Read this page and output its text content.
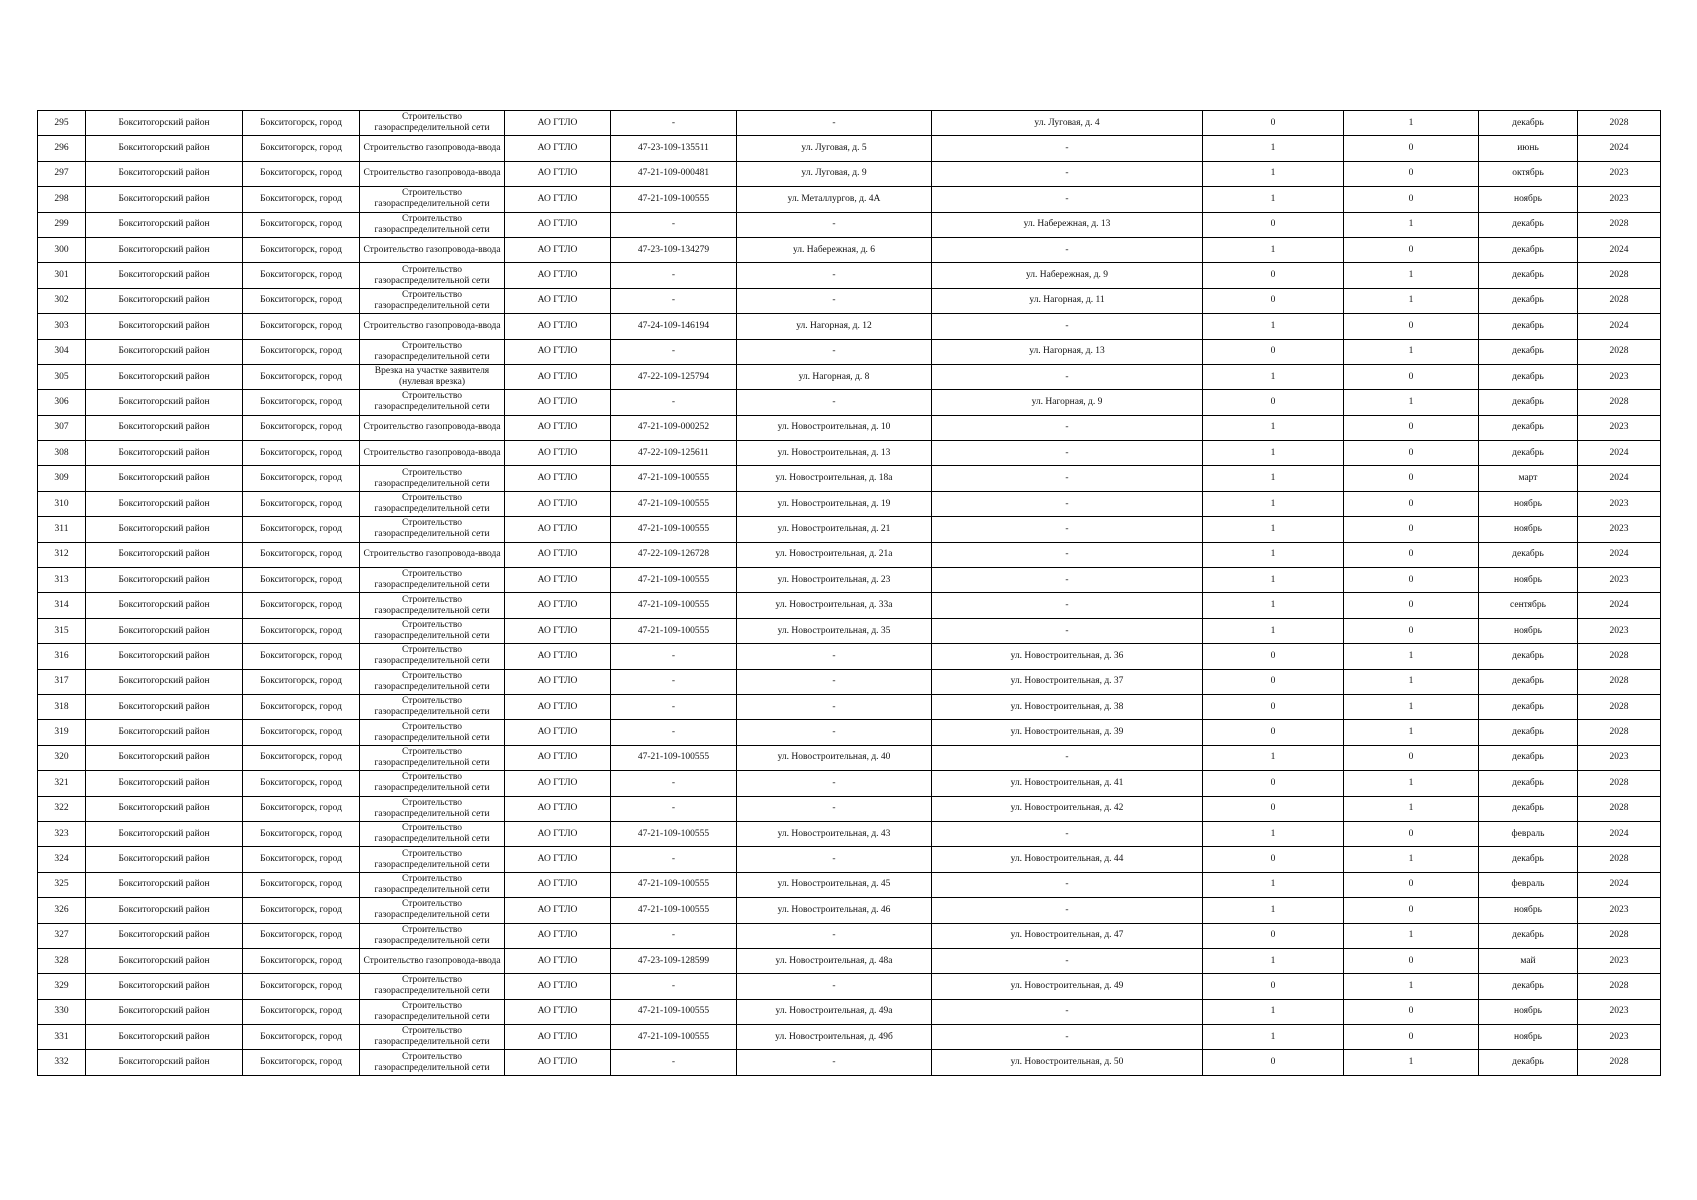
295	Бокситогорский район	Бокситогорск, город	Строительство газораспределительной сети	АО ГТЛО	-	-	ул. Луговая, д. 4	0	1	декабрь	2028
296	Бокситогорский район	Бокситогорск, город	Строительство газопровода-ввода	АО ГТЛО	47-23-109-135511	ул. Луговая, д. 5	-	1	0	июнь	2024
297	Бокситогорский район	Бокситогорск, город	Строительство газопровода-ввода	АО ГТЛО	47-21-109-000481	ул. Луговая, д. 9	-	1	0	октябрь	2023
298	Бокситогорский район	Бокситогорск, город	Строительство газораспределительной сети	АО ГТЛО	47-21-109-100555	ул. Металлургов, д. 4А	-	1	0	ноябрь	2023
299	Бокситогорский район	Бокситогорск, город	Строительство газораспределительной сети	АО ГТЛО	-	-	ул. Набережная, д. 13	0	1	декабрь	2028
300	Бокситогорский район	Бокситогорск, город	Строительство газопровода-ввода	АО ГТЛО	47-23-109-134279	ул. Набережная, д. 6	-	1	0	декабрь	2024
301	Бокситогорский район	Бокситогорск, город	Строительство газораспределительной сети	АО ГТЛО	-	-	ул. Набережная, д. 9	0	1	декабрь	2028
302	Бокситогорский район	Бокситогорск, город	Строительство газораспределительной сети	АО ГТЛО	-	-	ул. Нагорная, д. 11	0	1	декабрь	2028
303	Бокситогорский район	Бокситогорск, город	Строительство газопровода-ввода	АО ГТЛО	47-24-109-146194	ул. Нагорная, д. 12	-	1	0	декабрь	2024
304	Бокситогорский район	Бокситогорск, город	Строительство газораспределительной сети	АО ГТЛО	-	-	ул. Нагорная, д. 13	0	1	декабрь	2028
305	Бокситогорский район	Бокситогорск, город	Врезка на участке заявителя (нулевая врезка)	АО ГТЛО	47-22-109-125794	ул. Нагорная, д. 8	-	1	0	декабрь	2023
306	Бокситогорский район	Бокситогорск, город	Строительство газораспределительной сети	АО ГТЛО	-	-	ул. Нагорная, д. 9	0	1	декабрь	2028
307	Бокситогорский район	Бокситогорск, город	Строительство газопровода-ввода	АО ГТЛО	47-21-109-000252	ул. Новостроительная, д. 10	-	1	0	декабрь	2023
308	Бокситогорский район	Бокситогорск, город	Строительство газопровода-ввода	АО ГТЛО	47-22-109-125611	ул. Новостроительная, д. 13	-	1	0	декабрь	2024
309	Бокситогорский район	Бокситогорск, город	Строительство газораспределительной сети	АО ГТЛО	47-21-109-100555	ул. Новостроительная, д. 18а	-	1	0	март	2024
310	Бокситогорский район	Бокситогорск, город	Строительство газораспределительной сети	АО ГТЛО	47-21-109-100555	ул. Новостроительная, д. 19	-	1	0	ноябрь	2023
311	Бокситогорский район	Бокситогорск, город	Строительство газораспределительной сети	АО ГТЛО	47-21-109-100555	ул. Новостроительная, д. 21	-	1	0	ноябрь	2023
312	Бокситогорский район	Бокситогорск, город	Строительство газопровода-ввода	АО ГТЛО	47-22-109-126728	ул. Новостроительная, д. 21а	-	1	0	декабрь	2024
313	Бокситогорский район	Бокситогорск, город	Строительство газораспределительной сети	АО ГТЛО	47-21-109-100555	ул. Новостроительная, д. 23	-	1	0	ноябрь	2023
314	Бокситогорский район	Бокситогорск, город	Строительство газораспределительной сети	АО ГТЛО	47-21-109-100555	ул. Новостроительная, д. 33а	-	1	0	сентябрь	2024
315	Бокситогорский район	Бокситогорск, город	Строительство газораспределительной сети	АО ГТЛО	47-21-109-100555	ул. Новостроительная, д. 35	-	1	0	ноябрь	2023
316	Бокситогорский район	Бокситогорск, город	Строительство газораспределительной сети	АО ГТЛО	-	-	ул. Новостроительная, д. 36	0	1	декабрь	2028
317	Бокситогорский район	Бокситогорск, город	Строительство газораспределительной сети	АО ГТЛО	-	-	ул. Новостроительная, д. 37	0	1	декабрь	2028
318	Бокситогорский район	Бокситогорск, город	Строительство газораспределительной сети	АО ГТЛО	-	-	ул. Новостроительная, д. 38	0	1	декабрь	2028
319	Бокситогорский район	Бокситогорск, город	Строительство газораспределительной сети	АО ГТЛО	-	-	ул. Новостроительная, д. 39	0	1	декабрь	2028
320	Бокситогорский район	Бокситогорск, город	Строительство газораспределительной сети	АО ГТЛО	47-21-109-100555	ул. Новостроительная, д. 40	-	1	0	декабрь	2023
321	Бокситогорский район	Бокситогорск, город	Строительство газораспределительной сети	АО ГТЛО	-	-	ул. Новостроительная, д. 41	0	1	декабрь	2028
322	Бокситогорский район	Бокситогорск, город	Строительство газораспределительной сети	АО ГТЛО	-	-	ул. Новостроительная, д. 42	0	1	декабрь	2028
323	Бокситогорский район	Бокситогорск, город	Строительство газораспределительной сети	АО ГТЛО	47-21-109-100555	ул. Новостроительная, д. 43	-	1	0	февраль	2024
324	Бокситогорский район	Бокситогорск, город	Строительство газораспределительной сети	АО ГТЛО	-	-	ул. Новостроительная, д. 44	0	1	декабрь	2028
325	Бокситогорский район	Бокситогорск, город	Строительство газораспределительной сети	АО ГТЛО	47-21-109-100555	ул. Новостроительная, д. 45	-	1	0	февраль	2024
326	Бокситогорский район	Бокситогорск, город	Строительство газораспределительной сети	АО ГТЛО	47-21-109-100555	ул. Новостроительная, д. 46	-	1	0	ноябрь	2023
327	Бокситогорский район	Бокситогорск, город	Строительство газораспределительной сети	АО ГТЛО	-	-	ул. Новостроительная, д. 47	0	1	декабрь	2028
328	Бокситогорский район	Бокситогорск, город	Строительство газопровода-ввода	АО ГТЛО	47-23-109-128599	ул. Новостроительная, д. 48а	-	1	0	май	2023
329	Бокситогорский район	Бокситогорск, город	Строительство газораспределительной сети	АО ГТЛО	-	-	ул. Новостроительная, д. 49	0	1	декабрь	2028
330	Бокситогорский район	Бокситогорск, город	Строительство газораспределительной сети	АО ГТЛО	47-21-109-100555	ул. Новостроительная, д. 49а	-	1	0	ноябрь	2023
331	Бокситогорский район	Бокситогорск, город	Строительство газораспределительной сети	АО ГТЛО	47-21-109-100555	ул. Новостроительная, д. 49б	-	1	0	ноябрь	2023
332	Бокситогорский район	Бокситогорск, город	Строительство газораспределительной сети	АО ГТЛО	-	-	ул. Новостроительная, д. 50	0	1	декабрь	2028
